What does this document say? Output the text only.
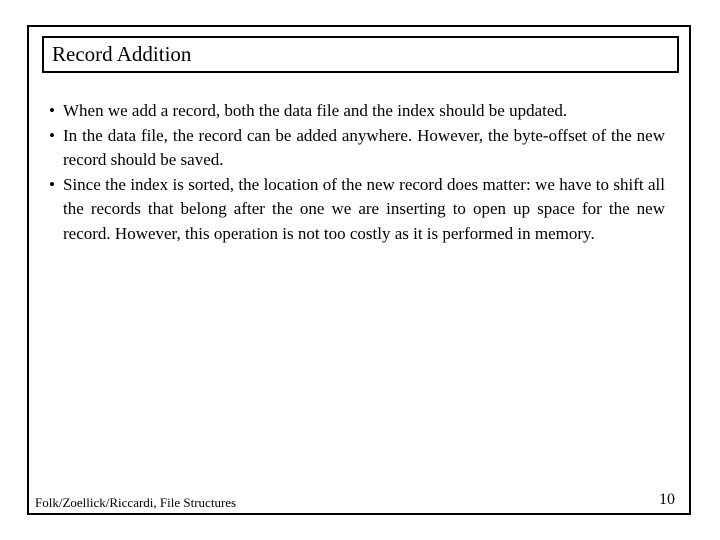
Record Addition
• When we add a record, both the data file and the index should be updated.
• In the data file, the record can be added anywhere. However, the byte-offset of the new record should be saved.
• Since the index is sorted, the location of the new record does matter: we have to shift all the records that belong after the one we are inserting to open up space for the new record. However, this operation is not too costly as it is performed in memory.
Folk/Zoellick/Riccardi, File Structures	10
